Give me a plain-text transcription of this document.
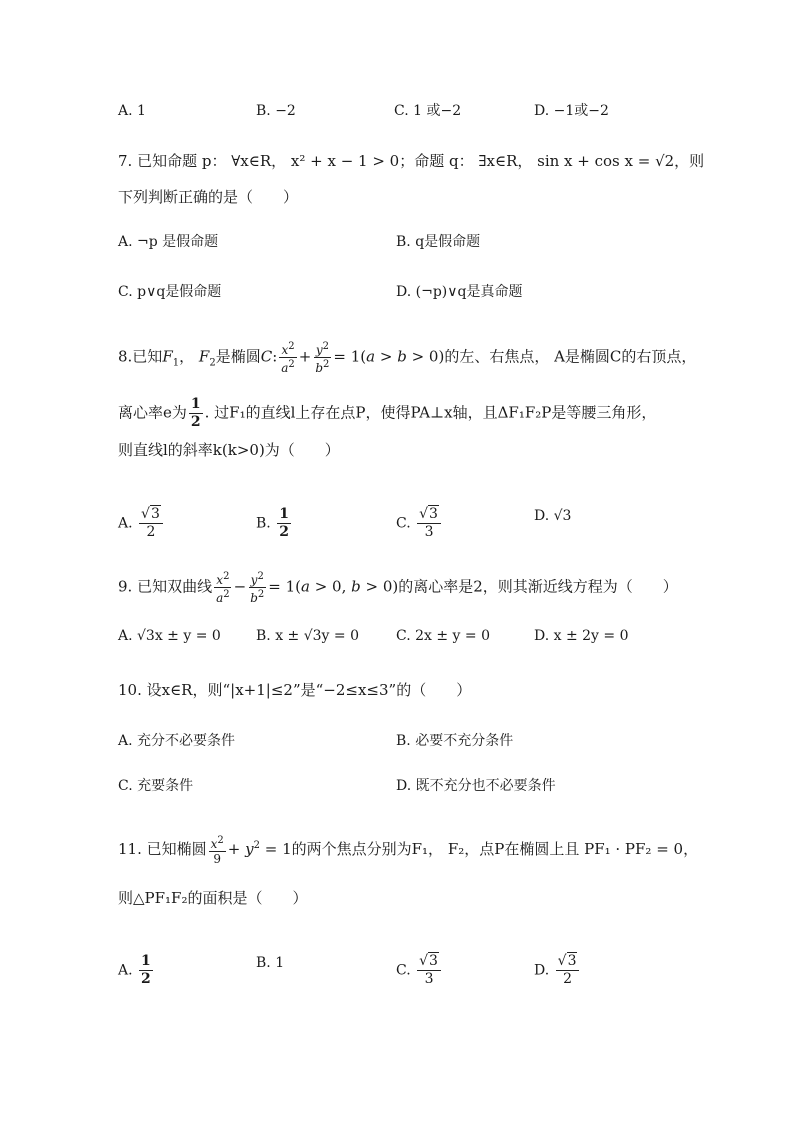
A. 1	B. −2	C. 1 或−2	D. −1或−2
7. 已知命题 p： ∀x∈R， x² + x − 1 > 0；命题 q： ∃x∈R， sin x + cos x = √2，则
下列判断正确的是（　　）
A. ¬p 是假命题	B. q是假命题
C. p∨q是假命题	D. (¬p)∨q是真命题
8.已知$F_1$， $F_2$是椭圆C: $\frac{x^2}{a^2} + \frac{y^2}{b^2} = 1(a > b > 0)$的左、右焦点， A是椭圆C的右顶点，
离心率e为 $\frac{1}{2}$ . 过F₁的直线l上存在点P，使得PA⊥x轴，且ΔF₁F₂P是等腰三角形，
则直线l的斜率k(k>0)为（　　）
A. $\frac{√3}{2}$	B. $\frac{1}{2}$	C. $\frac{√3}{3}$	D. √3
9. 已知双曲线 $\frac{x^2}{a^2} - \frac{y^2}{b^2} = 1(a > 0$, b > 0)的离心率是2，则其渐近线方程为（　　）
A. √3x ± y = 0	B. x ± √3y = 0	C. 2x ± y = 0	D. x ± 2y = 0
10. 设x∈R，则“|x+1|≤2”是“−2≤x≤3”的（　　）
A. 充分不必要条件	B. 必要不充分条件
C. 充要条件	D. 既不充分也不必要条件
11. 已知椭圆 $\frac{x^2}{9} + y^2 = 1$的两个焦点分别为F₁， F₂，点P在椭圆上且 PF₁ · PF₂ = 0，
则△PF₁F₂的面积是（　　）
A. $\frac{1}{2}$	B. 1	C. $\frac{√3}{3}$	D. $\frac{√3}{2}$
